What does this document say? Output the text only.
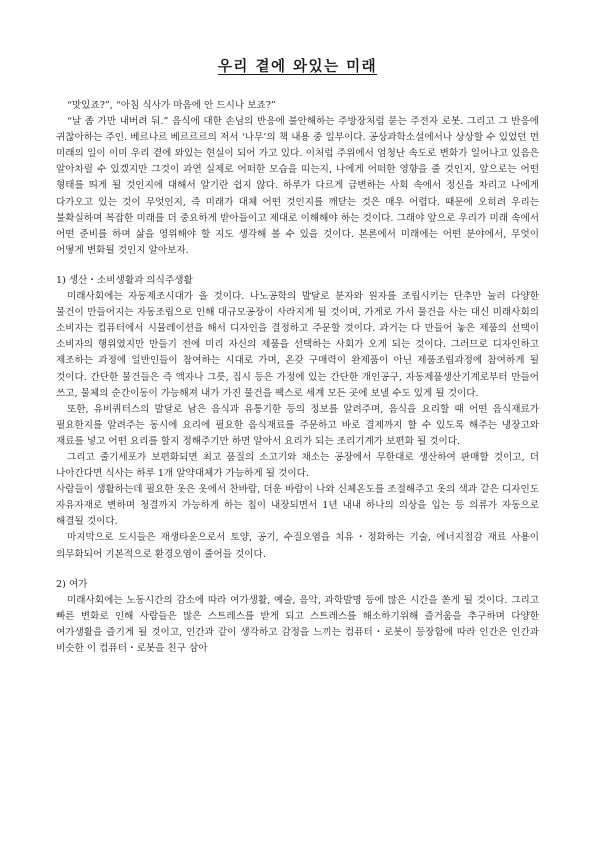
우리 곁에 와있는 미래

“맛있죠?”, “아침 식사가 마음에 안 드시나 보죠?”

“날 좀 가만 내버려 둬.” 음식에 대한 손님의 반응에 불안해하는 주방장처럼 묻는 주전자 로봇. 그리고 그 반응에 귀찮아하는 주인. 베르나르 베르르르의 저서 ‘나무’의 책 내용 중 일부이다. 공상과학소설에서나 상상할 수 있었던 먼 미래의 일이 이미 우리 곁에 와있는 현실이 되어 가고 있다. 이처럼 주위에서 엄청난 속도로 변화가 일어나고 있음은 알아차릴 수 있겠지만 그것이 과연 실제로 어떠한 모습을 띠는지, 나에게 어떠한 영향을 줄 것인지, 앞으로는 어떤 형태를 띄게 될 것인지에 대해서 알기란 쉽지 않다. 하루가 다르게 급변하는 사회 속에서 정신을 차리고 나에게 다가오고 있는 것이 무엇인지, 즉 미래가 대체 어떤 것인지를 깨닫는 것은 매우 어렵다. 때문에 오히려 우리는 불확실하며 복잡한 미래를 더 중요하게 받아들이고 제대로 이해해야 하는 것이다. 그래야 앞으로 우리가 미래 속에서 어떤 준비를 하며 삶을 영위해야 할 지도 생각해 볼 수 있을 것이다. 본론에서 미래에는 어떤 분야에서, 무엇이 어떻게 변화될 것인지 알아보자.

1) 생산・소비생활과 의식주생활

미래사회에는 자동제조시대가 올 것이다. 나노공학의 발달로 분자와 원자를 조립시키는 단추만 눌러 다양한 물건이 만들어지는 자동조립으로 인해 대규모공장이 사라지게 될 것이며, 가게로 가서 물건을 사는 대신 미래사회의 소비자는 컴퓨터에서 시뮬레이션을 해서 디자인을 결정하고 주문할 것이다. 과거는 다 만들어 놓은 제품의 선택이 소비자의 행위였지만 만들기 전에 미리 자신의 제품을 선택하는 사회가 오게 되는 것이다. 그러므로 디자인하고 제조하는 과정에 일반인들이 참여하는 시대로 가며, 온갖 구매력이 완제품이 아닌 제품조립과정에 참여하게 될 것이다. 간단한 물건들은 즉 액자나 그릇, 집시 등은 가정에 있는 간단한 개인공구, 자동제품생산기계로부터 만들어 쓰고, 물체의 순간이동이 가능해져 내가 가진 물건을 팩스로 세계 모든 곳에 보낼 수도 있게 될 것이다.

또한, 유비쿼터스의 발달로 남은 음식과 유통기한 등의 정보를 알려주며, 음식을 요리할 때 어떤 음식재료가 필요한지를 알려주는 동시에 요리에 필요한 음식재료를 주문하고 바로 결제까지 할 수 있도록 해주는 냉장고와 재료를 넣고 어떤 요리를 할지 정해주기만 하면 알아서 요리가 되는 조리기계가 보편화 될 것이다.

그리고 줄기세포가 보편화되면 최고 품질의 소고기와 채소는 공장에서 무한대로 생산하여 판매할 것이고, 더 나아간다면 식사는 하루 1개 알약대체가 가능하게 될 것이다.

사람들이 생활하는데 필요한 옷은 옷에서 찬바람, 더운 바람이 나와 신체온도를 조절해주고 옷의 색과 같은 디자인도 자유자재로 변하며 청결까지 가능하게 하는 칩이 내장되면서 1년 내내 하나의 의상을 입는 등 의류가 자동으로 해결될 것이다.

마지막으로 도시들은 재생타운으로서 토양, 공기, 수질오염을 치유・정화하는 기술, 에너지절감 재료 사용이 의무화되어 기본적으로 환경오염이 줄어들 것이다.

2) 여가

미래사회에는 노동시간의 감소에 따라 여가생활, 예술, 음악, 과학발명 등에 많은 시간을 쏟게 될 것이다. 그리고 빠른 변화로 인해 사람들은 많은 스트레스를 받게 되고 스트레스를 해소하기위해 즐거움을 추구하며 다양한 여가생활을 즐기게 될 것이고, 인간과 같이 생각하고 감정을 느끼는 컴퓨터・로봇이 등장함에 따라 인간은 인간과 비슷한 이 컴퓨터・로봇을 친구 삼아
